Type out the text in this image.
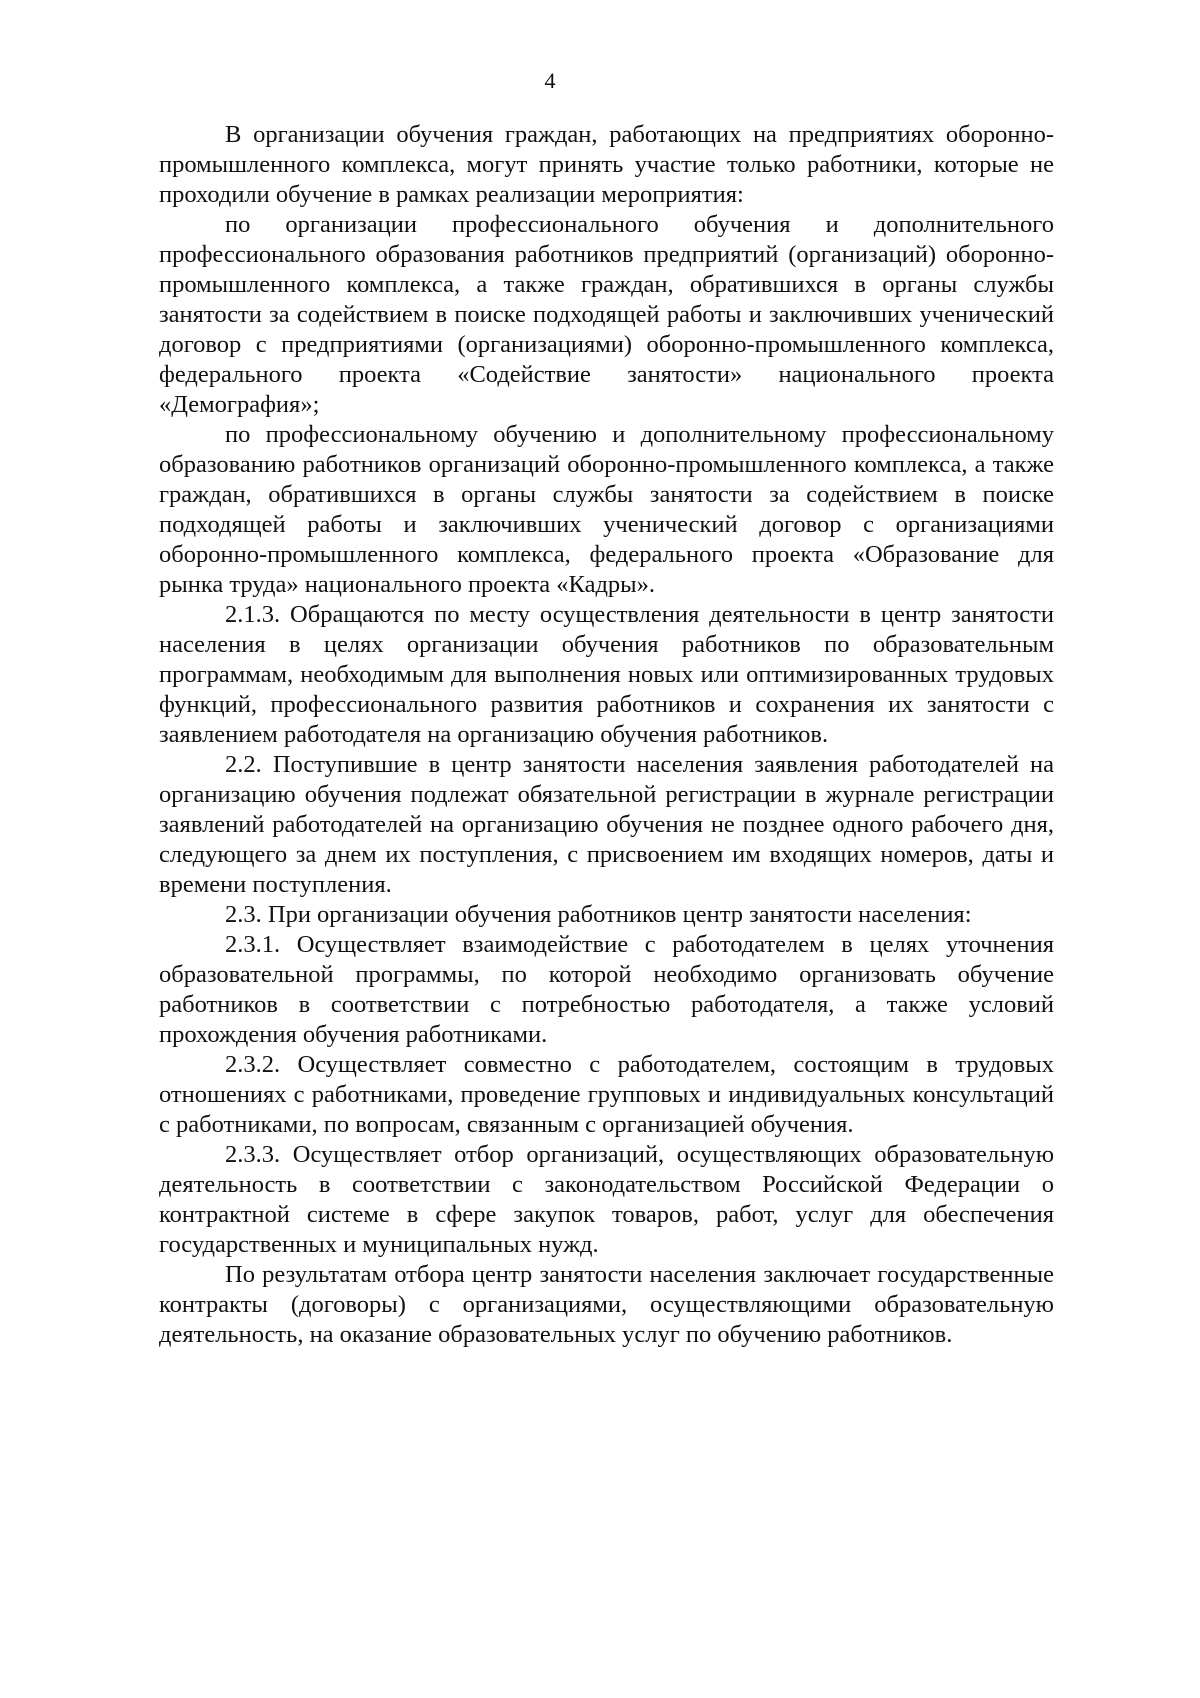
4

В организации обучения граждан, работающих на предприятиях оборонно-промышленного комплекса, могут принять участие только работники, которые не проходили обучение в рамках реализации мероприятия:

по организации профессионального обучения и дополнительного профессионального образования работников предприятий (организаций) оборонно-промышленного комплекса, а также граждан, обратившихся в органы службы занятости за содействием в поиске подходящей работы и заключивших ученический договор с предприятиями (организациями) оборонно-промышленного комплекса, федерального проекта «Содействие занятости» национального проекта «Демография»;

по профессиональному обучению и дополнительному профессиональному образованию работников организаций оборонно-промышленного комплекса, а также граждан, обратившихся в органы службы занятости за содействием в поиске подходящей работы и заключивших ученический договор с организациями оборонно-промышленного комплекса, федерального проекта «Образование для рынка труда» национального проекта «Кадры».

2.1.3. Обращаются по месту осуществления деятельности в центр занятости населения в целях организации обучения работников по образовательным программам, необходимым для выполнения новых или оптимизированных трудовых функций, профессионального развития работников и сохранения их занятости с заявлением работодателя на организацию обучения работников.

2.2. Поступившие в центр занятости населения заявления работодателей на организацию обучения подлежат обязательной регистрации в журнале регистрации заявлений работодателей на организацию обучения не позднее одного рабочего дня, следующего за днем их поступления, с присвоением им входящих номеров, даты и времени поступления.

2.3. При организации обучения работников центр занятости населения:

2.3.1. Осуществляет взаимодействие с работодателем в целях уточнения образовательной программы, по которой необходимо организовать обучение работников в соответствии с потребностью работодателя, а также условий прохождения обучения работниками.

2.3.2. Осуществляет совместно с работодателем, состоящим в трудовых отношениях с работниками, проведение групповых и индивидуальных консультаций с работниками, по вопросам, связанным с организацией обучения.

2.3.3. Осуществляет отбор организаций, осуществляющих образовательную деятельность в соответствии с законодательством Российской Федерации о контрактной системе в сфере закупок товаров, работ, услуг для обеспечения государственных и муниципальных нужд.

По результатам отбора центр занятости населения заключает государственные контракты (договоры) с организациями, осуществляющими образовательную деятельность, на оказание образовательных услуг по обучению работников.
